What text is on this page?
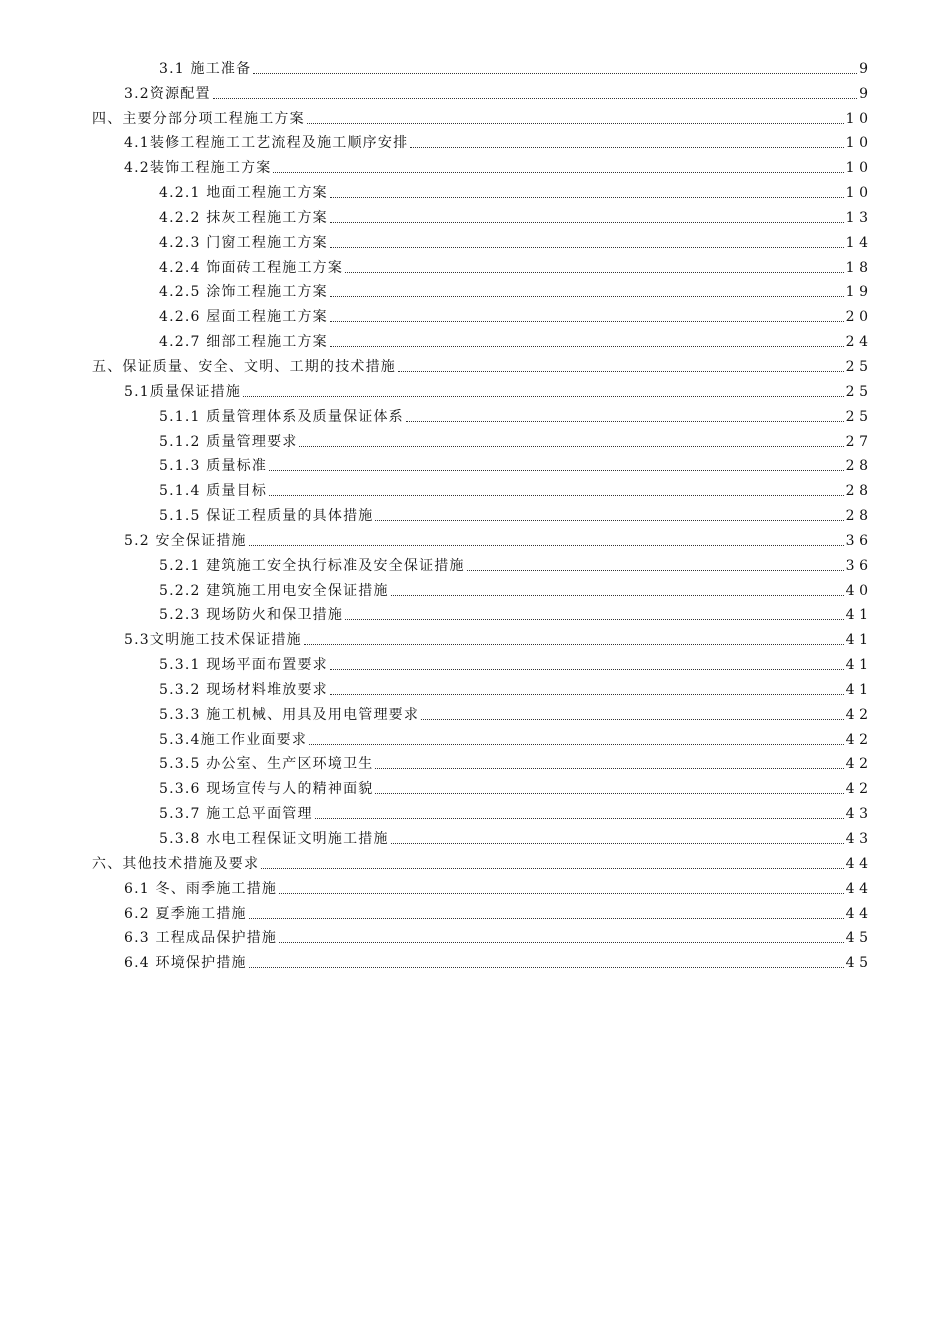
3.1 施工准备	9
3.2资源配置	9
四、主要分部分项工程施工方案	10
4.1装修工程施工工艺流程及施工顺序安排	10
4.2装饰工程施工方案	10
4.2.1 地面工程施工方案	10
4.2.2 抹灰工程施工方案	13
4.2.3 门窗工程施工方案	14
4.2.4 饰面砖工程施工方案	18
4.2.5 涂饰工程施工方案	19
4.2.6 屋面工程施工方案	20
4.2.7 细部工程施工方案	24
五、保证质量、安全、文明、工期的技术措施	25
5.1质量保证措施	25
5.1.1 质量管理体系及质量保证体系	25
5.1.2 质量管理要求	27
5.1.3 质量标准	28
5.1.4 质量目标	28
5.1.5 保证工程质量的具体措施	28
5.2 安全保证措施	36
5.2.1 建筑施工安全执行标准及安全保证措施	36
5.2.2 建筑施工用电安全保证措施	40
5.2.3 现场防火和保卫措施	41
5.3文明施工技术保证措施	41
5.3.1 现场平面布置要求	41
5.3.2 现场材料堆放要求	41
5.3.3 施工机械、用具及用电管理要求	42
5.3.4施工作业面要求	42
5.3.5 办公室、生产区环境卫生	42
5.3.6 现场宣传与人的精神面貌	42
5.3.7 施工总平面管理	43
5.3.8 水电工程保证文明施工措施	43
六、其他技术措施及要求	44
6.1 冬、雨季施工措施	44
6.2 夏季施工措施	44
6.3 工程成品保护措施	45
6.4 环境保护措施	45
